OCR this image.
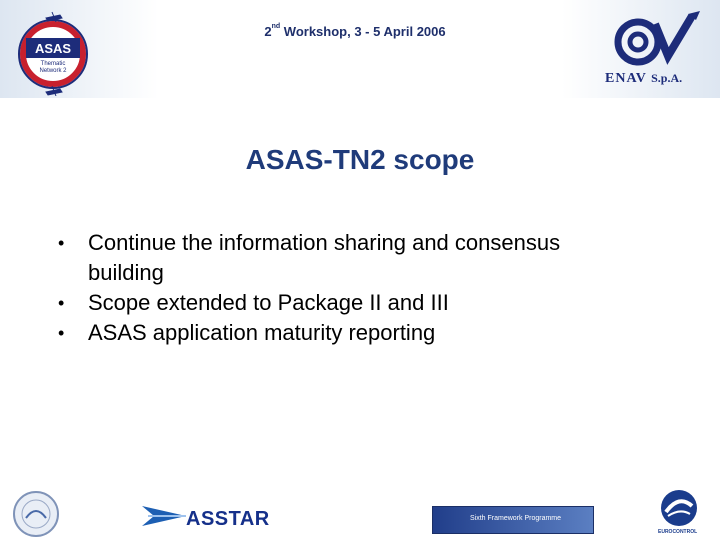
ASAS
Thematic
Network 2
2nd Workshop, 3 - 5 April 2006
ENAV S.p.A.
ASAS-TN2 scope
• Continue the information sharing and consensus building
• Scope extended to Package II and III
• ASAS application maturity reporting
ASSTAR	Sixth Framework Programme
EUROCONTROL
